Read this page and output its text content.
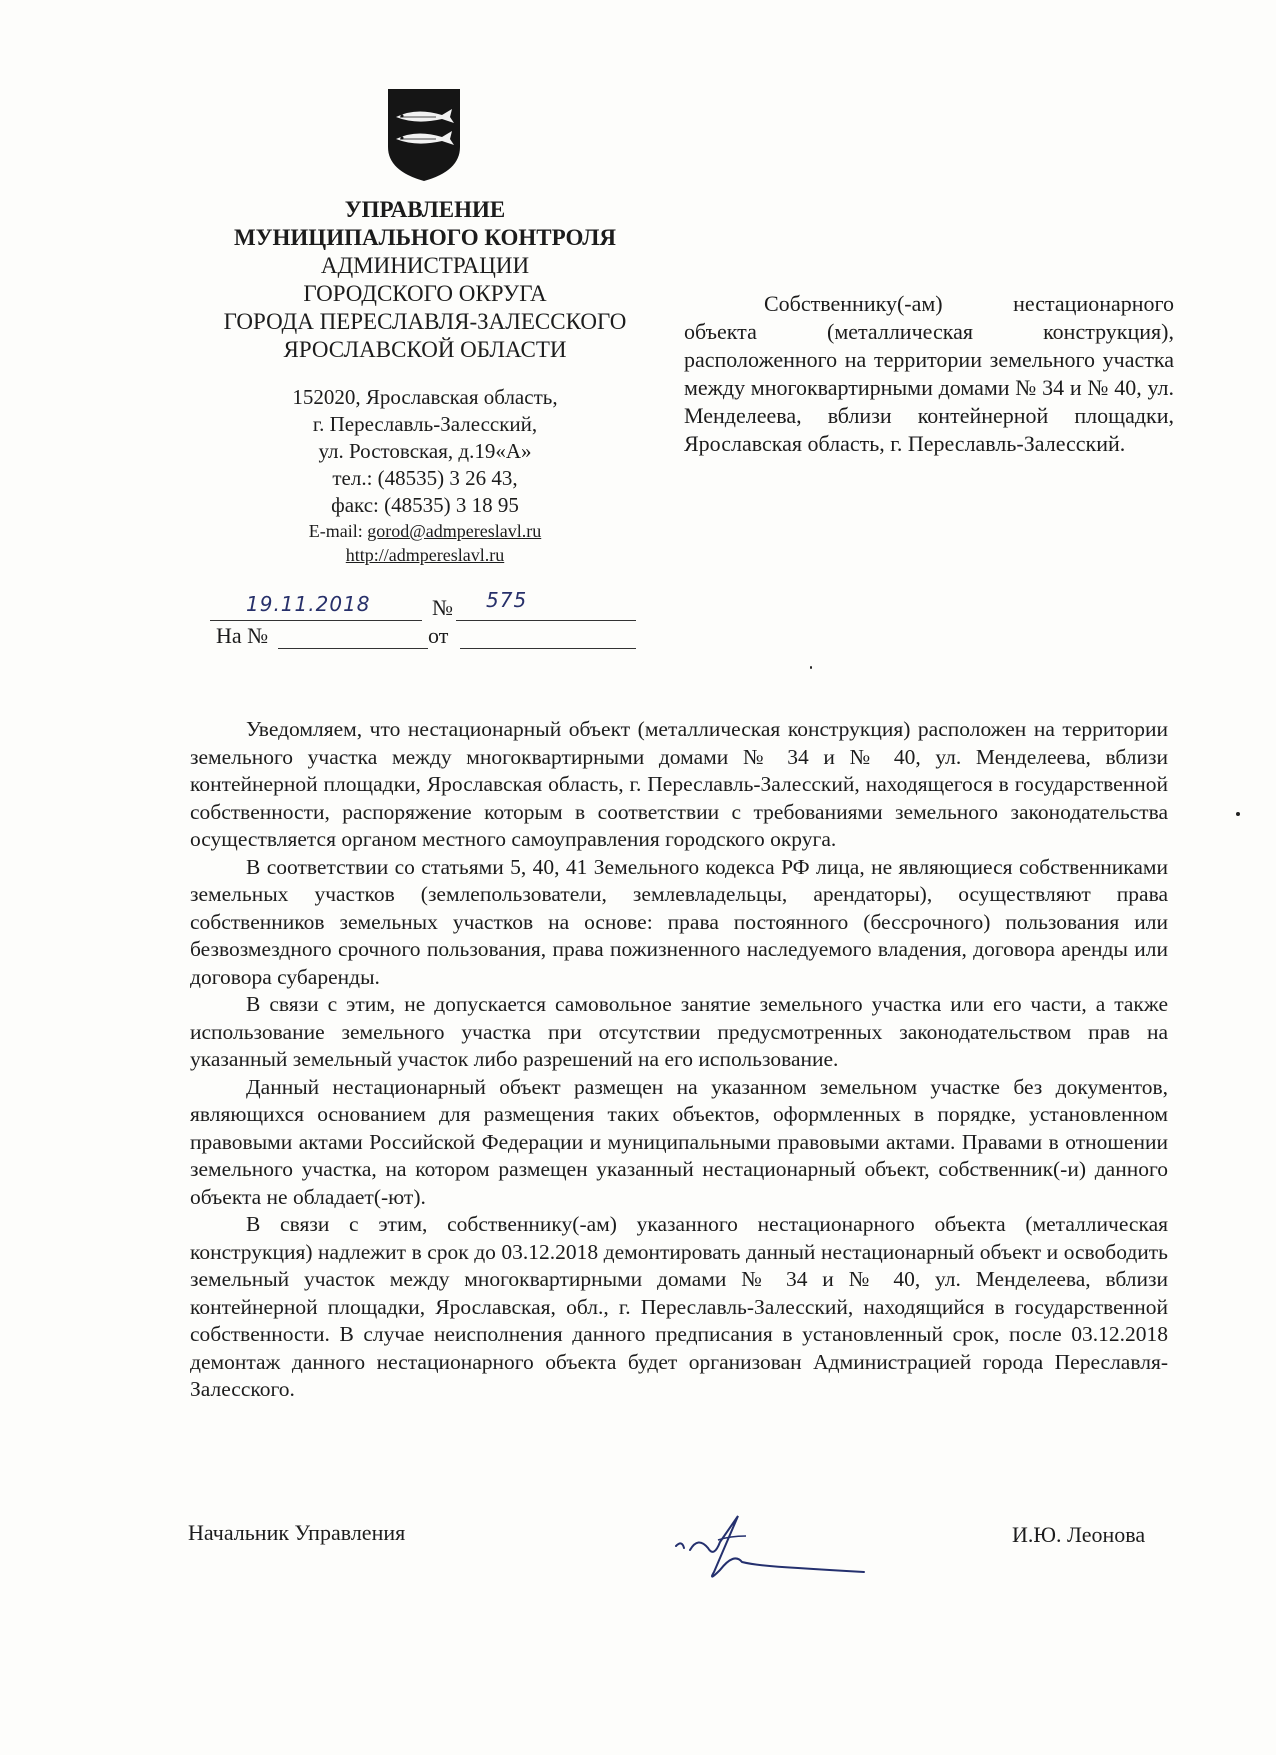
УПРАВЛЕНИЕ
МУНИЦИПАЛЬНОГО КОНТРОЛЯ
АДМИНИСТРАЦИИ
ГОРОДСКОГО ОКРУГА
ГОРОДА ПЕРЕСЛАВЛЯ-ЗАЛЕССКОГО
ЯРОСЛАВСКОЙ ОБЛАСТИ
152020, Ярославская область,
г. Переславль-Залесский,
ул. Ростовская, д.19«А»
тел.: (48535) 3 26 43,
факс: (48535) 3 18 95
E-mail: gorod@admpereslavl.ru
http://admpereslavl.ru
19.11.2018	№ 575
На №	от
Собственнику(-ам) нестационарного объекта (металлическая конструкция), расположенного на территории земельного участка между многоквартирными домами № 34 и № 40, ул. Менделеева, вблизи контейнерной площадки, Ярославская область, г. Переславль-Залесский.

Уведомляем, что нестационарный объект (металлическая конструкция) расположен на территории земельного участка между многоквартирными домами № 34 и № 40, ул. Менделеева, вблизи контейнерной площадки, Ярославская область, г. Переславль-Залесский, находящегося в государственной собственности, распоряжение которым в соответствии с требованиями земельного законодательства осуществляется органом местного самоуправления городского округа.

В соответствии со статьями 5, 40, 41 Земельного кодекса РФ лица, не являющиеся собственниками земельных участков (землепользователи, землевладельцы, арендаторы), осуществляют права собственников земельных участков на основе: права постоянного (бессрочного) пользования или безвозмездного срочного пользования, права пожизненного наследуемого владения, договора аренды или договора субаренды.

В связи с этим, не допускается самовольное занятие земельного участка или его части, а также использование земельного участка при отсутствии предусмотренных законодательством прав на указанный земельный участок либо разрешений на его использование.

Данный нестационарный объект размещен на указанном земельном участке без документов, являющихся основанием для размещения таких объектов, оформленных в порядке, установленном правовыми актами Российской Федерации и муниципальными правовыми актами. Правами в отношении земельного участка, на котором размещен указанный нестационарный объект, собственник(-и) данного объекта не обладает(-ют).

В связи с этим, собственнику(-ам) указанного нестационарного объекта (металлическая конструкция) надлежит в срок до 03.12.2018 демонтировать данный нестационарный объект и освободить земельный участок между многоквартирными домами № 34 и № 40, ул. Менделеева, вблизи контейнерной площадки, Ярославская, обл., г. Переславль-Залесский, находящийся в государственной собственности. В случае неисполнения данного предписания в установленный срок, после 03.12.2018 демонтаж данного нестационарного объекта будет организован Администрацией города Переславля-Залесского.

Начальник Управления	И.Ю. Леонова
